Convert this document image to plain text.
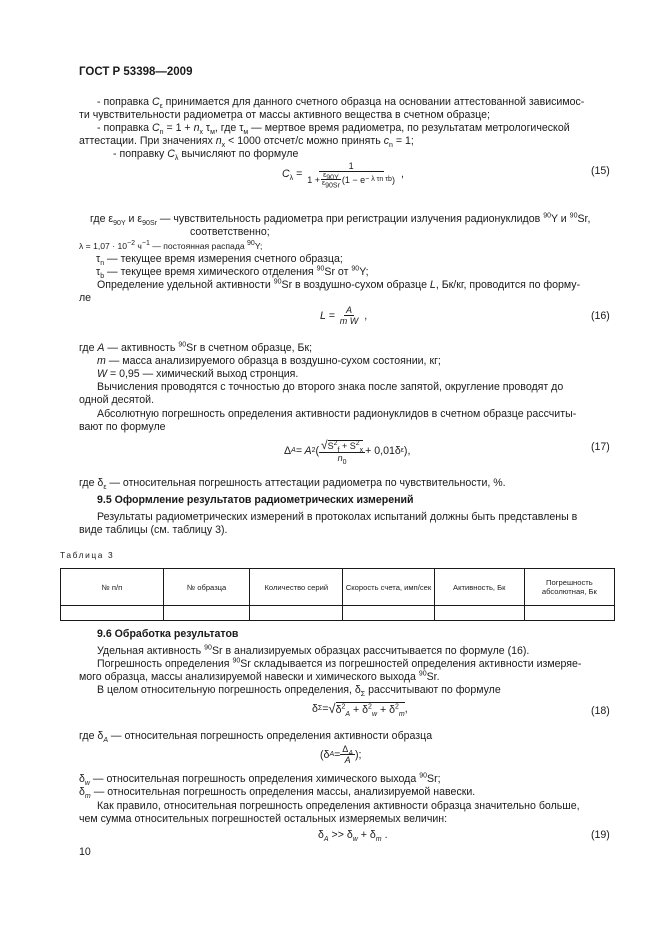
ГОСТ Р 53398—2009
- поправка $C_\varepsilon$ принимается для данного счетного образца на основании аттестованной зависимос-
ти чувствительности радиометра от массы активного вещества в счетном образце;
- поправка $C_n = 1 + n_x$ $\tau_м$, где $\tau_м$ — мертвое время радиометра, по результатам метрологической
аттестации. При значениях $n_x < 1000$ отсчет/с можно принять $c_n = 1$;
- поправку $C_\lambda$ вычисляют по формуле
$C_\lambda$ =
1
$1 + \frac{\varepsilon 90Y}{\varepsilon 90Sr} (1 - e - \lambda$ τn τb ) ,	(15)
где $\varepsilon_{90Y}$ и $\varepsilon_{90Sr}$ — чувствительность радиометра при регистрации излучения радионуклидов $^{90}$Y и $^{90}$Sr,
соответственно;
$\lambda = 1,07 \cdot 10^{-2}$ $ч^{-1}$ — постоянная распада $^{90}$Y;
$\tau_n$ — текущее время измерения счетного образца;
$\tau_b$ — текущее время химического отделения $^{90}$Sr от $^{90}$Y;
Определение удельной активности $^{90}$Sr в воздушно-сухом образце L, Бк/кг, проводится по форму-
ле
L =
$\frac{A}{\text{m W}}$ ,	(16)
где A — активность $^{90}$Sr в счетном образце, Бк;
m — масса анализируемого образца в воздушно-сухом состоянии, кг;
W = 0,95 — химический выход стронция.
Вычисления проводятся с точностью до второго знака после запятой, округление проводят до
одной десятой.
Абсолютную погрешность определения активности радионуклидов в счетном образце рассчиты-
вают по формуле
Δ A = A 2 ( $\frac{√S^2_f + S^2_x}{n_0} + 0,01\delta$ ε ),	(17)
где $\delta_\varepsilon$ — относительная погрешность аттестации радиометра по чувствительности, %.
9.5 Оформление результатов радиометрических измерений
Результаты радиометрических измерений в протоколах испытаний должны быть представлены в
виде таблицы (см. таблицу 3).
Таблица 3
№ п/п	№ образца	Количество серий	Скорость счета, имп/сек	Активность, Бк	Погрешность абсолютная, Бк

9.6 Обработка результатов
Удельная активность $^{90}$Sr в анализируемых образцах рассчитывается по формуле (16).
Погрешность определения $^{90}$Sr складывается из погрешностей определения активности измеряе-
мого образца, массы анализируемой навески и химического выхода $^{90}$Sr.
В целом относительную погрешность определения, $\delta_\Sigma$ рассчитывают по формуле
δ Σ = √ $\delta^2_A + \delta^2_w + \delta^2_m$ ,	(18)
где $\delta_A$ — относительная погрешность определения активности образца
(δ $A = \frac{\Delta_A}{A}$ );
$\delta_w$ — относительная погрешность определения химического выхода $^{90}$Sr;
$\delta_m$ — относительная погрешность определения массы, анализируемой навески.
Как правило, относительная погрешность определения активности образца значительно больше,
чем сумма относительных погрешностей остальных измеряемых величин:
$\delta_A >> \delta_w + \delta_m$ .	(19)
10
